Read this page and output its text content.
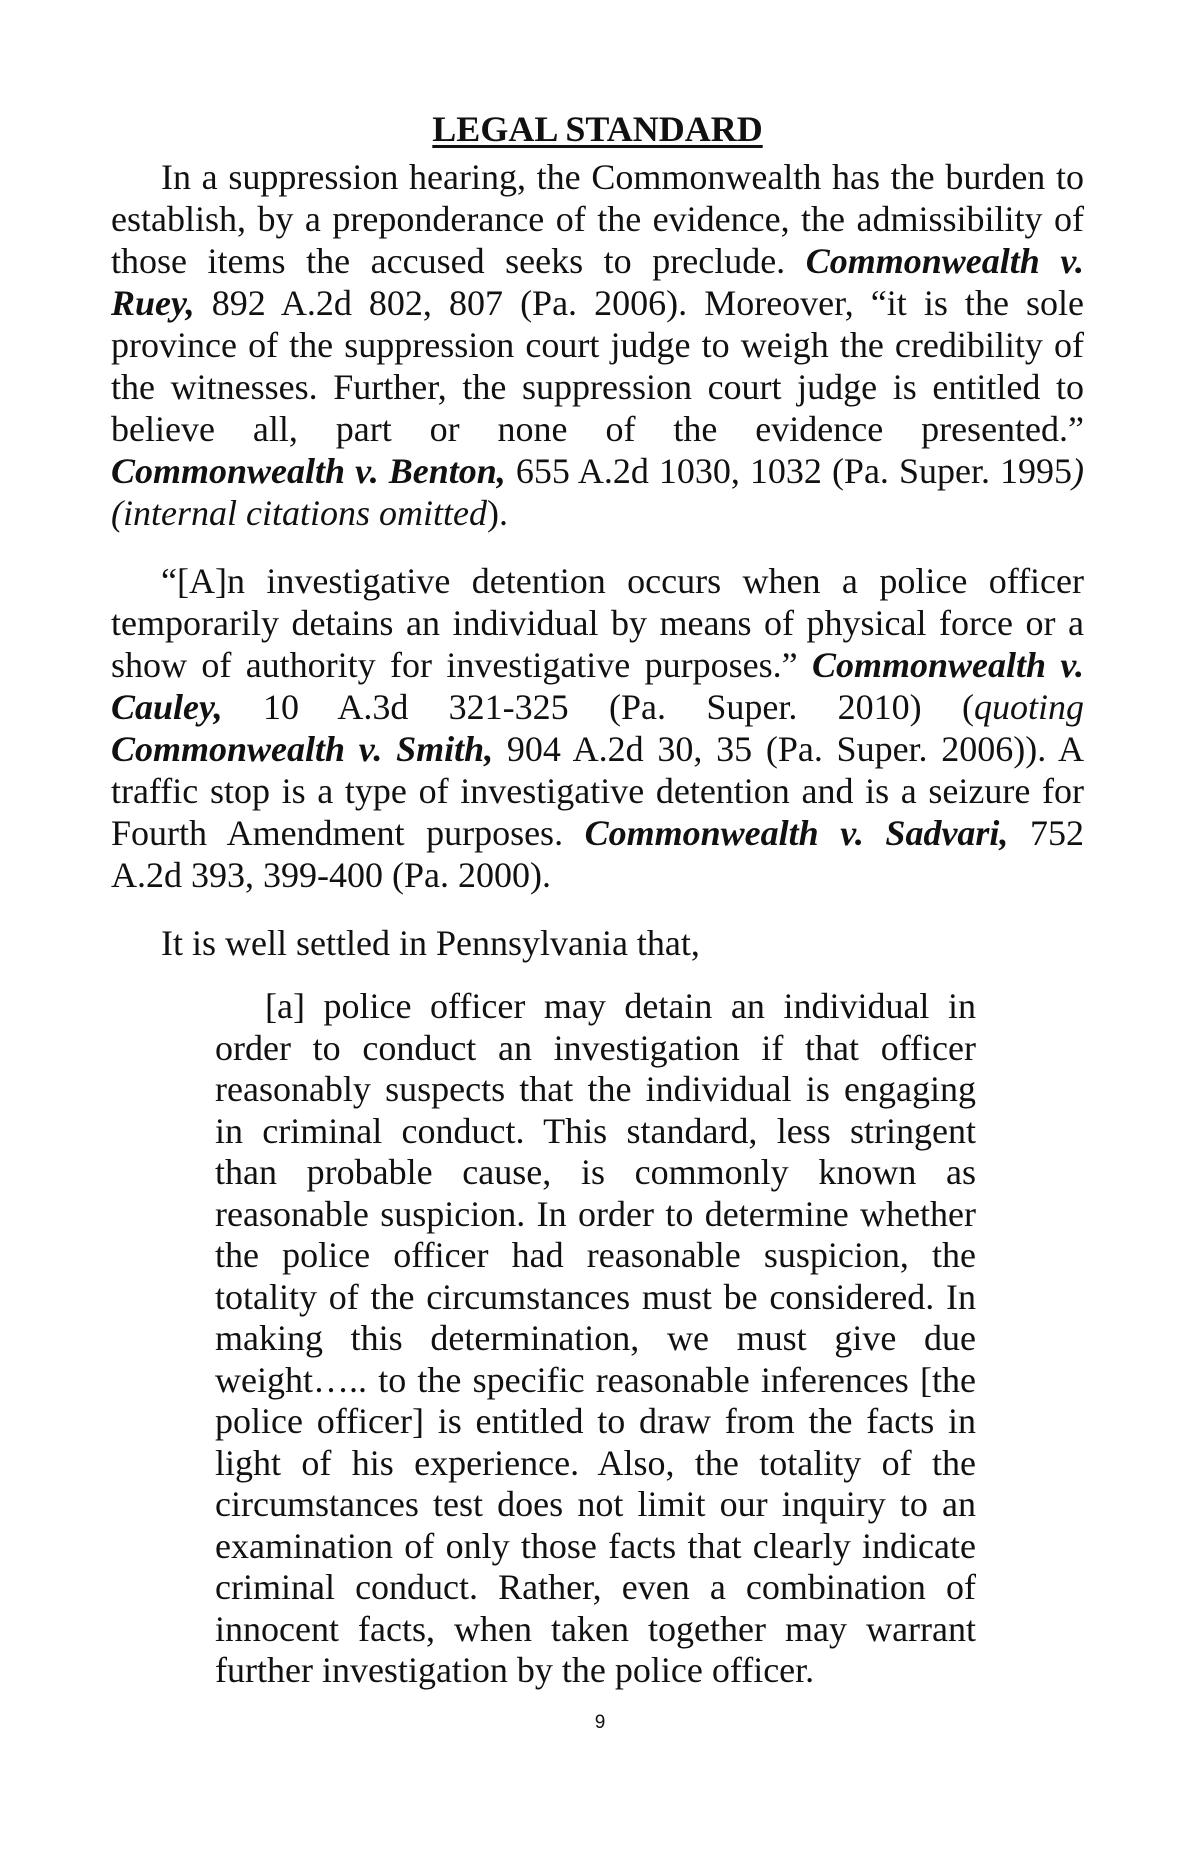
LEGAL STANDARD

In a suppression hearing, the Commonwealth has the burden to establish, by a preponderance of the evidence, the admissibility of those items the accused seeks to preclude. Commonwealth v. Ruey, 892 A.2d 802, 807 (Pa. 2006). Moreover, “it is the sole province of the suppression court judge to weigh the credibility of the witnesses. Further, the suppression court judge is entitled to believe all, part or none of the evidence presented.” Commonwealth v. Benton, 655 A.2d 1030, 1032 (Pa. Super. 1995)(internal citations omitted).

“[A]n investigative detention occurs when a police officer temporarily detains an individual by means of physical force or a show of authority for investigative purposes.” Commonwealth v. Cauley, 10 A.3d 321-325 (Pa. Super. 2010) (quoting Commonwealth v. Smith, 904 A.2d 30, 35 (Pa. Super. 2006)). A traffic stop is a type of investigative detention and is a seizure for Fourth Amendment purposes. Commonwealth v. Sadvari, 752 A.2d 393, 399-400 (Pa. 2000).

It is well settled in Pennsylvania that,

[a] police officer may detain an individual in order to conduct an investigation if that officer reasonably suspects that the individual is engaging in criminal conduct. This standard, less stringent than probable cause, is commonly known as reasonable suspicion. In order to determine whether the police officer had reasonable suspicion, the totality of the circumstances must be considered. In making this determination, we must give due weight….. to the specific reasonable inferences [the police officer] is entitled to draw from the facts in light of his experience. Also, the totality of the circumstances test does not limit our inquiry to an examination of only those facts that clearly indicate criminal conduct. Rather, even a combination of innocent facts, when taken together may warrant further investigation by the police officer.
9
